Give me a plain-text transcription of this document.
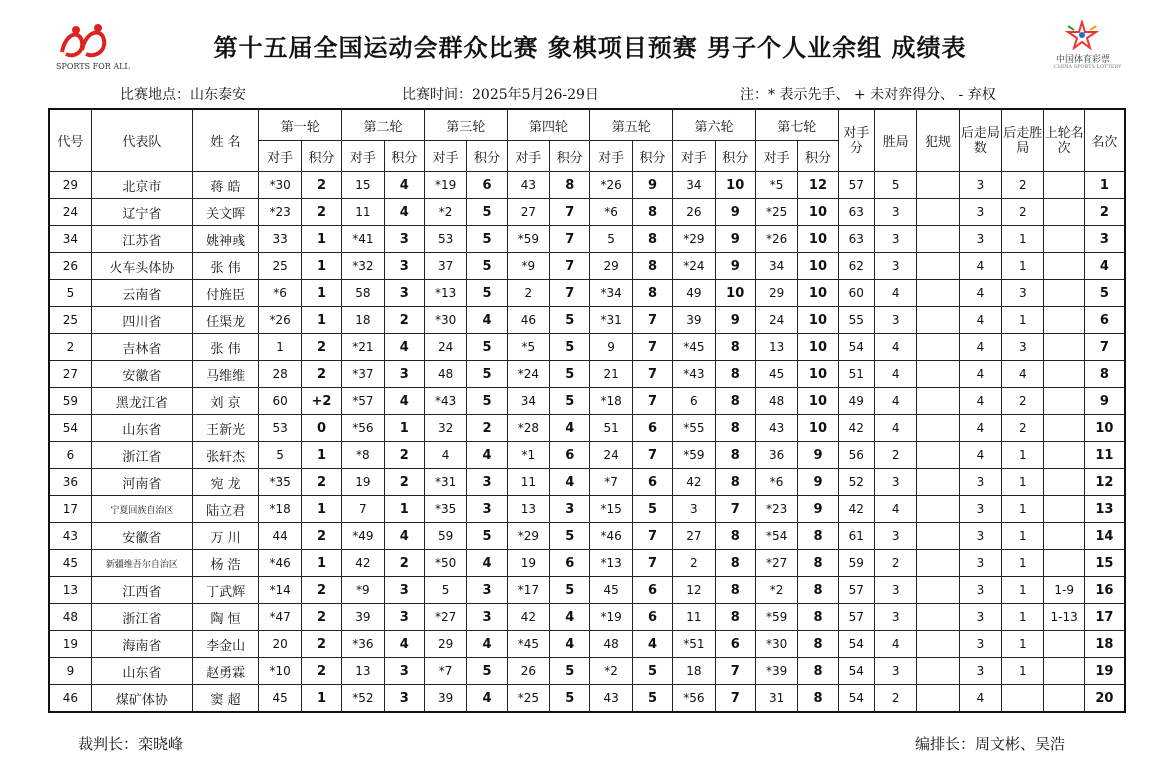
SPORTS FOR ALL
第十五届全国运动会群众比赛 象棋项目预赛 男子个人业余组 成绩表	中国体育彩票
CHINA SPORTS LOTTERY
比赛地点：山东泰安	比赛时间：2025年5月26-29日	注：* 表示先手、 + 未对弈得分、 - 弃权
代号	代表队	姓 名	第一轮		第二轮		第三轮		第四轮		第五轮		第六轮		第七轮		对手分	胜局	犯规	后走局数	后走胜局	上轮名次	名次
			对手	积分	对手	积分	对手	积分	对手	积分	对手	积分	对手	积分	对手	积分							
29	北京市	蒋 皓	*30	2	15	4	*19	6	43	8	*26	9	34	10	*5	12	57	5		3	2		1
24	辽宁省	关文晖	*23	2	11	4	*2	5	27	7	*6	8	26	9	*25	10	63	3		3	2		2
34	江苏省	姚神彧	33	1	*41	3	53	5	*59	7	5	8	*29	9	*26	10	63	3		3	1		3
26	火车头体协	张 伟	25	1	*32	3	37	5	*9	7	29	8	*24	9	34	10	62	3		4	1		4
5	云南省	付旌臣	*6	1	58	3	*13	5	2	7	*34	8	49	10	29	10	60	4		4	3		5
25	四川省	任渠龙	*26	1	18	2	*30	4	46	5	*31	7	39	9	24	10	55	3		4	1		6
2	吉林省	张 伟	1	2	*21	4	24	5	*5	5	9	7	*45	8	13	10	54	4		4	3		7
27	安徽省	马维维	28	2	*37	3	48	5	*24	5	21	7	*43	8	45	10	51	4		4	4		8
59	黑龙江省	刘 京	60	+2	*57	4	*43	5	34	5	*18	7	6	8	48	10	49	4		4	2		9
54	山东省	王新光	53	0	*56	1	32	2	*28	4	51	6	*55	8	43	10	42	4		4	2		10
6	浙江省	张轩杰	5	1	*8	2	4	4	*1	6	24	7	*59	8	36	9	56	2		4	1		11
36	河南省	宛 龙	*35	2	19	2	*31	3	11	4	*7	6	42	8	*6	9	52	3		3	1		12
17	宁夏回族自治区	陆立君	*18	1	7	1	*35	3	13	3	*15	5	3	7	*23	9	42	4		3	1		13
43	安徽省	万 川	44	2	*49	4	59	5	*29	5	*46	7	27	8	*54	8	61	3		3	1		14
45	新疆维吾尔自治区	杨 浩	*46	1	42	2	*50	4	19	6	*13	7	2	8	*27	8	59	2		3	1		15
13	江西省	丁武辉	*14	2	*9	3	5	3	*17	5	45	6	12	8	*2	8	57	3		3	1	1-9	16
48	浙江省	陶 恒	*47	2	39	3	*27	3	42	4	*19	6	11	8	*59	8	57	3		3	1	1-13	17
19	海南省	李金山	20	2	*36	4	29	4	*45	4	48	4	*51	6	*30	8	54	4		3	1		18
9	山东省	赵勇霖	*10	2	13	3	*7	5	26	5	*2	5	18	7	*39	8	54	3		3	1		19
46	煤矿体协	窦 超	45	1	*52	3	39	4	*25	5	43	5	*56	7	31	8	54	2		4			20
裁判长：栾晓峰	编排长：周文彬、吴浩
